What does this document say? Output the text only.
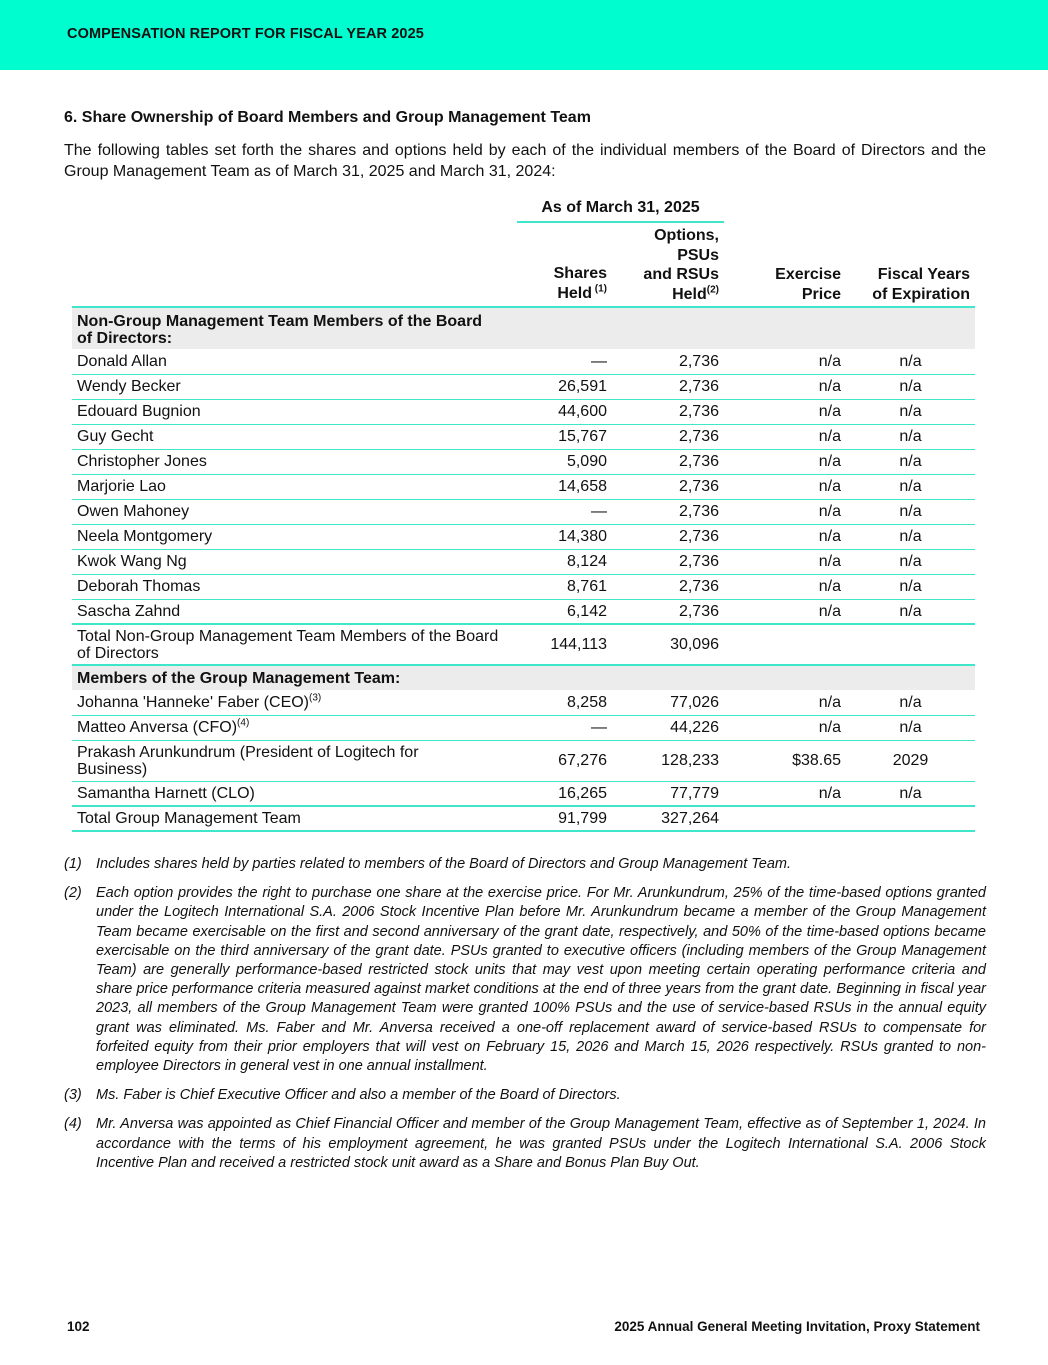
COMPENSATION REPORT FOR FISCAL YEAR 2025
6. Share Ownership of Board Members and Group Management Team
The following tables set forth the shares and options held by each of the individual members of the Board of Directors and the Group Management Team as of March 31, 2025 and March 31, 2024:
As of March 31, 2025

Shares Held $^{(1)}$

Options,
PSUs
and RSUs
Held$^{(2)}$

Exercise
Price

Fiscal Years
of Expiration

Non-Group Management Team Members of the Board of Directors:				

Donald Allan	—	2,736	n/a	n/a
Wendy Becker	26,591	2,736	n/a	n/a
Edouard Bugnion	44,600	2,736	n/a	n/a
Guy Gecht	15,767	2,736	n/a	n/a
Christopher Jones	5,090	2,736	n/a	n/a
Marjorie Lao	14,658	2,736	n/a	n/a
Owen Mahoney	—	2,736	n/a	n/a
Neela Montgomery	14,380	2,736	n/a	n/a
Kwok Wang Ng	8,124	2,736	n/a	n/a
Deborah Thomas	8,761	2,736	n/a	n/a
Sascha Zahnd	6,142	2,736	n/a	n/a

Total Non-Group Management Team Members of the Board of Directors	144,113	30,096		
Members of the Group Management Team:				
Johanna 'Hanneke' Faber (CEO)$^{(3)}$	8,258	77,026	n/a	n/a
Matteo Anversa (CFO)$^{(4)}$	—	44,226	n/a	n/a

Prakash Arunkundrum (President of Logitech for Business)	67,276	128,233	$38.65	2029
Samantha Harnett (CLO)	16,265	77,779	n/a	n/a
Total Group Management Team	91,799	327,264		
(1) Includes shares held by parties related to members of the Board of Directors and Group Management Team.
(2) Each option provides the right to purchase one share at the exercise price. For Mr. Arunkundrum, 25% of the time-based options granted under the Logitech International S.A. 2006 Stock Incentive Plan before Mr. Arunkundrum became a member of the Group Management Team became exercisable on the first and second anniversary of the grant date, respectively, and 50% of the time-based options became exercisable on the third anniversary of the grant date. PSUs granted to executive officers (including members of the Group Management Team) are generally performance-based restricted stock units that may vest upon meeting certain operating performance criteria and share price performance criteria measured against market conditions at the end of three years from the grant date. Beginning in fiscal year 2023, all members of the Group Management Team were granted 100% PSUs and the use of service-based RSUs in the annual equity grant was eliminated. Ms. Faber and Mr. Anversa received a one-off replacement award of service-based RSUs to compensate for forfeited equity from their prior employers that will vest on February 15, 2026 and March 15, 2026 respectively. RSUs granted to non-employee Directors in general vest in one annual installment.
(3) Ms. Faber is Chief Executive Officer and also a member of the Board of Directors.
(4) Mr. Anversa was appointed as Chief Financial Officer and member of the Group Management Team, effective as of September 1, 2024. In accordance with the terms of his employment agreement, he was granted PSUs under the Logitech International S.A. 2006 Stock Incentive Plan and received a restricted stock unit award as a Share and Bonus Plan Buy Out.
102	2025 Annual General Meeting Invitation, Proxy Statement
